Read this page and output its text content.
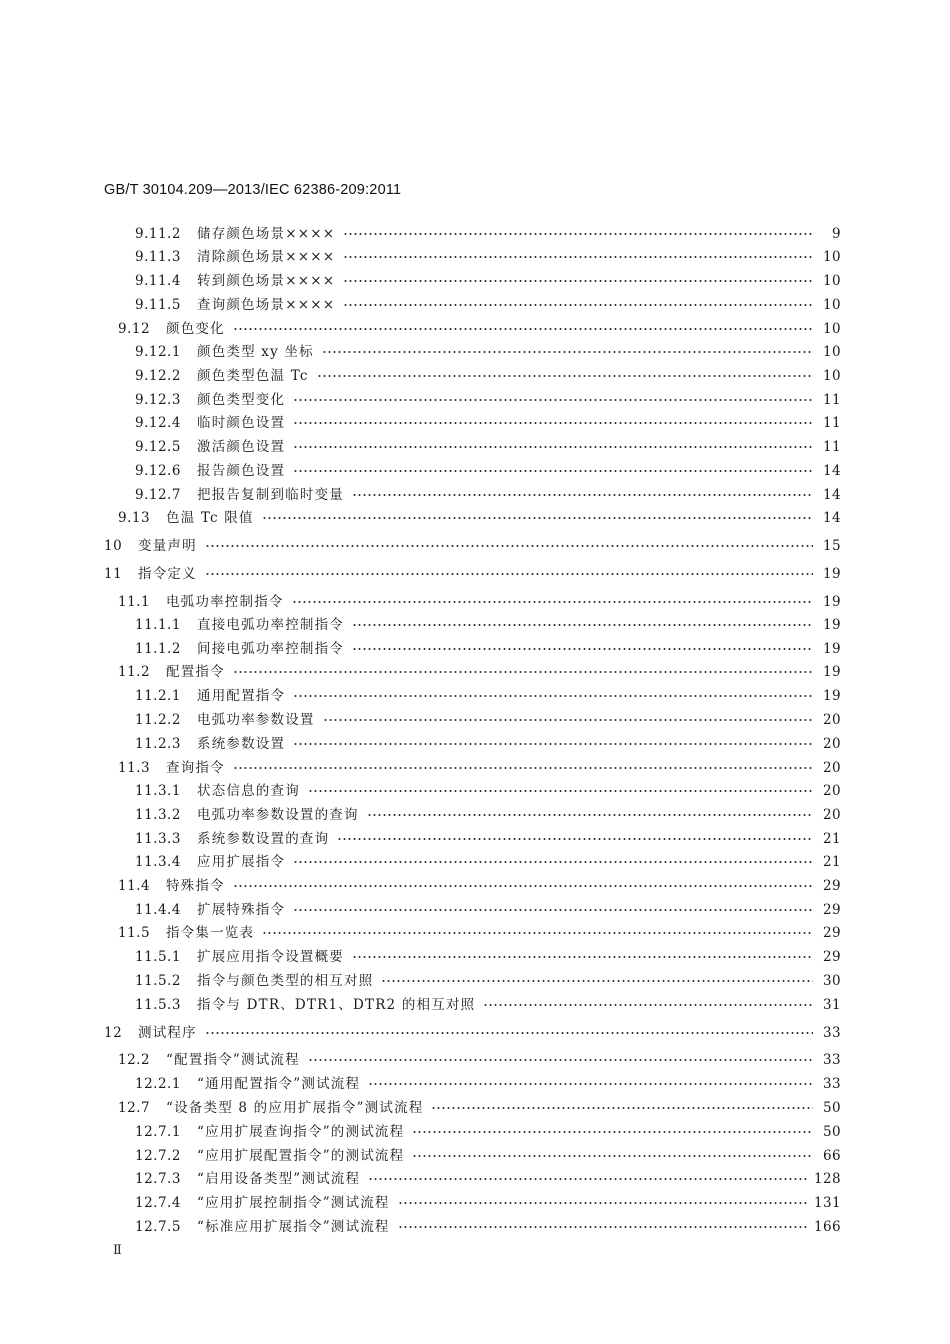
GB/T 30104.209—2013/IEC 62386-209:2011
9.11.2	储存颜色场景××××	9
9.11.3	清除颜色场景××××	10
9.11.4	转到颜色场景××××	10
9.11.5	查询颜色场景××××	10
9.12	颜色变化	10
9.12.1	颜色类型 xy 坐标	10
9.12.2	颜色类型色温 Tc	10
9.12.3	颜色类型变化	11
9.12.4	临时颜色设置	11
9.12.5	激活颜色设置	11
9.12.6	报告颜色设置	14
9.12.7	把报告复制到临时变量	14
9.13	色温 Tc 限值	14
10	变量声明	15
11	指令定义	19
11.1	电弧功率控制指令	19
11.1.1	直接电弧功率控制指令	19
11.1.2	间接电弧功率控制指令	19
11.2	配置指令	19
11.2.1	通用配置指令	19
11.2.2	电弧功率参数设置	20
11.2.3	系统参数设置	20
11.3	查询指令	20
11.3.1	状态信息的查询	20
11.3.2	电弧功率参数设置的查询	20
11.3.3	系统参数设置的查询	21
11.3.4	应用扩展指令	21
11.4	特殊指令	29
11.4.4	扩展特殊指令	29
11.5	指令集一览表	29
11.5.1	扩展应用指令设置概要	29
11.5.2	指令与颜色类型的相互对照	30
11.5.3	指令与 DTR、DTR1、DTR2 的相互对照	31
12	测试程序	33
12.2	“配置指令”测试流程	33
12.2.1	“通用配置指令”测试流程	33
12.7	“设备类型 8 的应用扩展指令”测试流程	50
12.7.1	“应用扩展查询指令”的测试流程	50
12.7.2	“应用扩展配置指令”的测试流程	66
12.7.3	“启用设备类型”测试流程	128
12.7.4	“应用扩展控制指令”测试流程	131
12.7.5	“标准应用扩展指令”测试流程	166
Ⅱ
